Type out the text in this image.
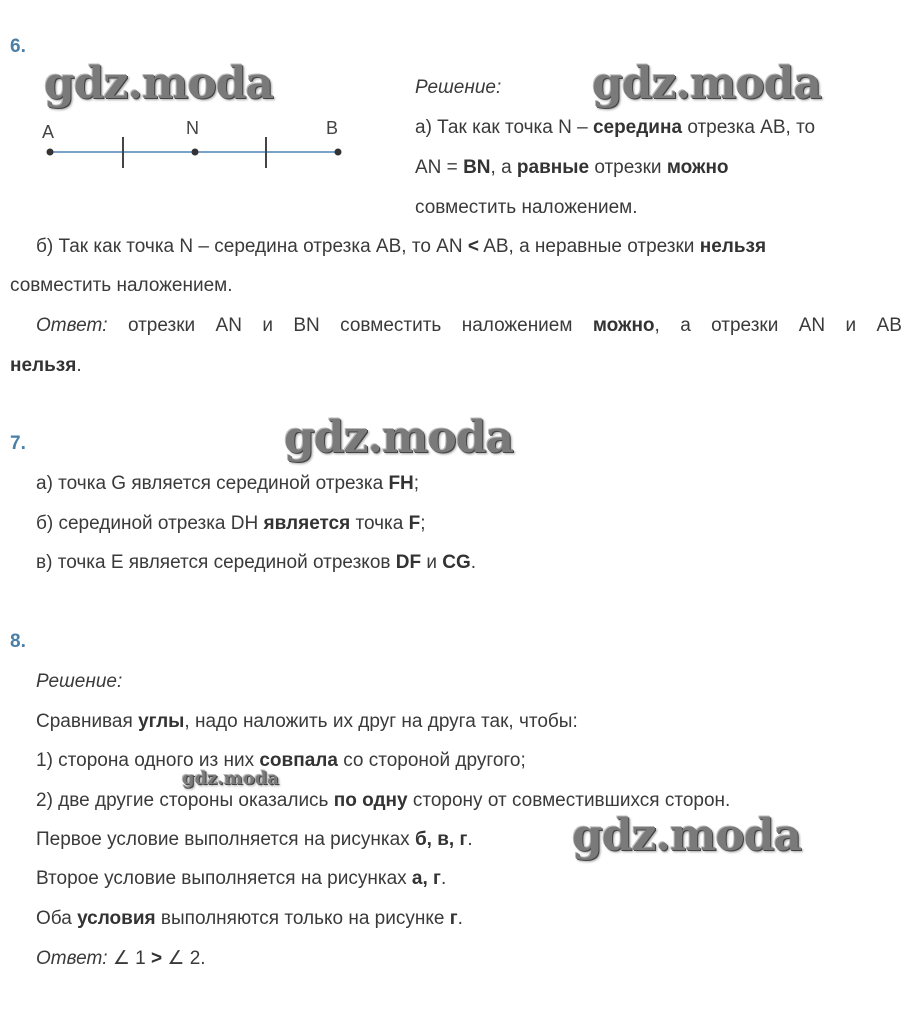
6.
gdz.moda	gdz.moda
A	N	B
Решение:
а) Так как точка N – середина отрезка АВ, то
AN = BN, а равные отрезки можно
совместить наложением.
б) Так как точка N – середина отрезка АВ, то AN < AB, а неравные отрезки нельзя
совместить наложением.
Ответ: отрезки AN и BN совместить наложением можно, а отрезки AN и AB
нельзя.
7.	gdz.moda
а) точка G является серединой отрезка FH;
б) серединой отрезка DH является точка F;
в) точка Е является серединой отрезков DF и CG.
8.
Решение:
Сравнивая углы, надо наложить их друг на друга так, чтобы:
1) сторона одного из них совпала со стороной другого;
gdz.moda
2) две другие стороны оказались по одну сторону от совместившихся сторон.
Первое условие выполняется на рисунках б, в, г. gdz.moda
Второе условие выполняется на рисунках а, г.
Оба условия выполняются только на рисунке г.
Ответ: ∠ 1 > ∠ 2.
